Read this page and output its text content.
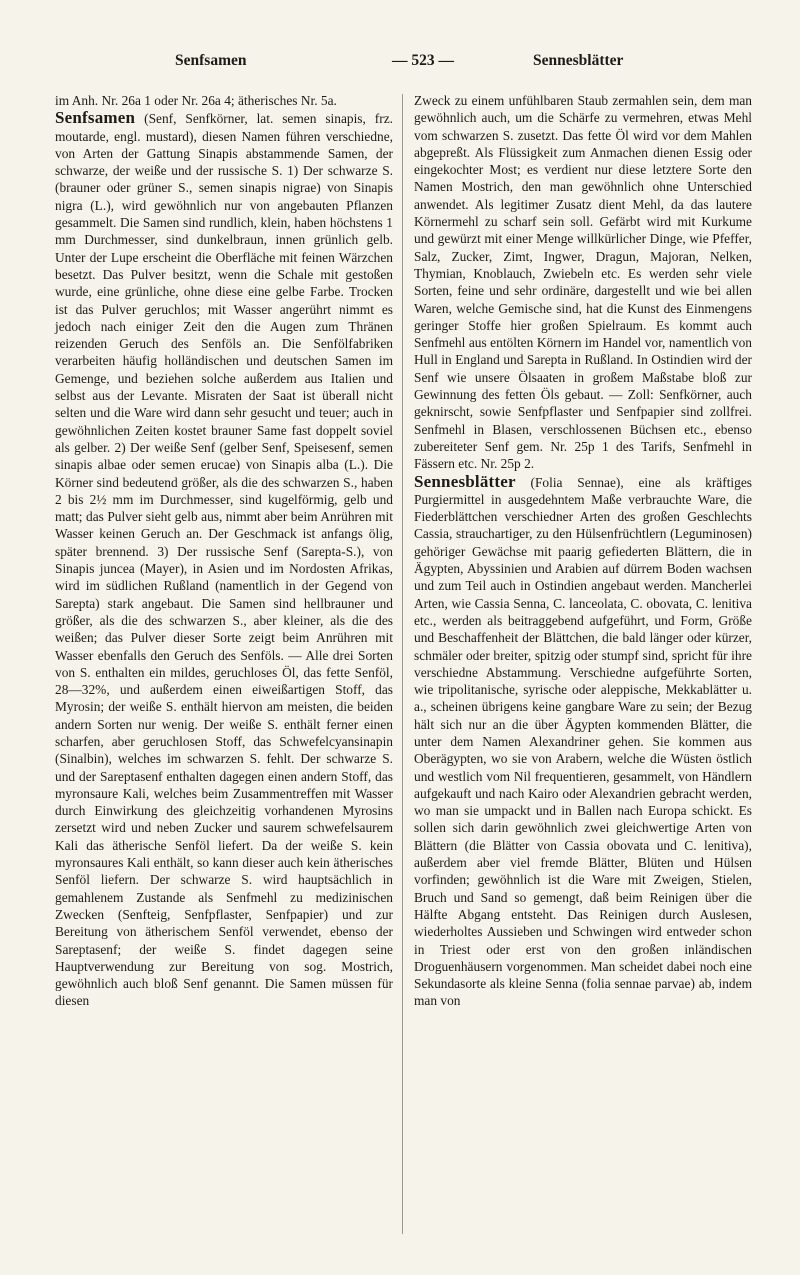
Senfsamen	— 523 —	Sennesblätter

im Anh. Nr. 26a 1 oder Nr. 26a 4; ätherisches Nr. 5a.

Senfsamen (Senf, Senfkörner, lat. semen sinapis, frz. moutarde, engl. mustard), diesen Namen führen verschiedne, von Arten der Gattung Sinapis abstammende Samen, der schwarze, der weiße und der russische S. 1) Der schwarze S. (brauner oder grüner S., semen sinapis nigrae) von Sinapis nigra (L.), wird gewöhnlich nur von angebauten Pflanzen gesammelt. Die Samen sind rundlich, klein, haben höchstens 1 mm Durchmesser, sind dunkelbraun, innen grünlich gelb. Unter der Lupe erscheint die Oberfläche mit feinen Wärzchen besetzt. Das Pulver besitzt, wenn die Schale mit gestoßen wurde, eine grünliche, ohne diese eine gelbe Farbe. Trocken ist das Pulver geruchlos; mit Wasser angerührt nimmt es jedoch nach einiger Zeit den die Augen zum Thränen reizenden Geruch des Senföls an. Die Senfölfabriken verarbeiten häufig holländischen und deutschen Samen im Gemenge, und beziehen solche außerdem aus Italien und selbst aus der Levante. Misraten der Saat ist überall nicht selten und die Ware wird dann sehr gesucht und teuer; auch in gewöhnlichen Zeiten kostet brauner Same fast doppelt soviel als gelber. 2) Der weiße Senf (gelber Senf, Speisesenf, semen sinapis albae oder semen erucae) von Sinapis alba (L.). Die Körner sind bedeutend größer, als die des schwarzen S., haben 2 bis 2½ mm im Durchmesser, sind kugelförmig, gelb und matt; das Pulver sieht gelb aus, nimmt aber beim Anrühren mit Wasser keinen Geruch an. Der Geschmack ist anfangs ölig, später brennend. 3) Der russische Senf (Sarepta-S.), von Sinapis juncea (Mayer), in Asien und im Nordosten Afrikas, wird im südlichen Rußland (namentlich in der Gegend von Sarepta) stark angebaut. Die Samen sind hellbrauner und größer, als die des schwarzen S., aber kleiner, als die des weißen; das Pulver dieser Sorte zeigt beim Anrühren mit Wasser ebenfalls den Geruch des Senföls. — Alle drei Sorten von S. enthalten ein mildes, geruchloses Öl, das fette Senföl, 28—32%, und außerdem einen eiweißartigen Stoff, das Myrosin; der weiße S. enthält hiervon am meisten, die beiden andern Sorten nur wenig. Der weiße S. enthält ferner einen scharfen, aber geruchlosen Stoff, das Schwefelcyansinapin (Sinalbin), welches im schwarzen S. fehlt. Der schwarze S. und der Sareptasenf enthalten dagegen einen andern Stoff, das myronsaure Kali, welches beim Zusammentreffen mit Wasser durch Einwirkung des gleichzeitig vorhandenen Myrosins zersetzt wird und neben Zucker und saurem schwefelsaurem Kali das ätherische Senföl liefert. Da der weiße S. kein myronsaures Kali enthält, so kann dieser auch kein ätherisches Senföl liefern. Der schwarze S. wird hauptsächlich in gemahlenem Zustande als Senfmehl zu medizinischen Zwecken (Senfteig, Senfpflaster, Senfpapier) und zur Bereitung von ätherischem Senföl verwendet, ebenso der Sareptasenf; der weiße S. findet dagegen seine Hauptverwendung zur Bereitung von sog. Mostrich, gewöhnlich auch bloß Senf genannt. Die Samen müssen für diesen

Zweck zu einem unfühlbaren Staub zermahlen sein, dem man gewöhnlich auch, um die Schärfe zu vermehren, etwas Mehl vom schwarzen S. zusetzt. Das fette Öl wird vor dem Mahlen abgepreßt. Als Flüssigkeit zum Anmachen dienen Essig oder eingekochter Most; es verdient nur diese letztere Sorte den Namen Mostrich, den man gewöhnlich ohne Unterschied anwendet. Als legitimer Zusatz dient Mehl, da das lautere Körnermehl zu scharf sein soll. Gefärbt wird mit Kurkume und gewürzt mit einer Menge willkürlicher Dinge, wie Pfeffer, Salz, Zucker, Zimt, Ingwer, Dragun, Majoran, Nelken, Thymian, Knoblauch, Zwiebeln etc. Es werden sehr viele Sorten, feine und sehr ordinäre, dargestellt und wie bei allen Waren, welche Gemische sind, hat die Kunst des Einmengens geringer Stoffe hier großen Spielraum. Es kommt auch Senfmehl aus entölten Körnern im Handel vor, namentlich von Hull in England und Sarepta in Rußland. In Ostindien wird der Senf wie unsere Ölsaaten in großem Maßstabe bloß zur Gewinnung des fetten Öls gebaut. — Zoll: Senfkörner, auch geknirscht, sowie Senfpflaster und Senfpapier sind zollfrei. Senfmehl in Blasen, verschlossenen Büchsen etc., ebenso zubereiteter Senf gem. Nr. 25p 1 des Tarifs, Senfmehl in Fässern etc. Nr. 25p 2.

Sennesblätter (Folia Sennae), eine als kräftiges Purgiermittel in ausgedehntem Maße verbrauchte Ware, die Fiederblättchen verschiedner Arten des großen Geschlechts Cassia, strauchartiger, zu den Hülsenfrüchtlern (Leguminosen) gehöriger Gewächse mit paarig gefiederten Blättern, die in Ägypten, Abyssinien und Arabien auf dürrem Boden wachsen und zum Teil auch in Ostindien angebaut werden. Mancherlei Arten, wie Cassia Senna, C. lanceolata, C. obovata, C. lenitiva etc., werden als beitraggebend aufgeführt, und Form, Größe und Beschaffenheit der Blättchen, die bald länger oder kürzer, schmäler oder breiter, spitzig oder stumpf sind, spricht für ihre verschiedne Abstammung. Verschiedne aufgeführte Sorten, wie tripolitanische, syrische oder aleppische, Mekkablätter u. a., scheinen übrigens keine gangbare Ware zu sein; der Bezug hält sich nur an die über Ägypten kommenden Blätter, die unter dem Namen Alexandriner gehen. Sie kommen aus Oberägypten, wo sie von Arabern, welche die Wüsten östlich und westlich vom Nil frequentieren, gesammelt, von Händlern aufgekauft und nach Kairo oder Alexandrien gebracht werden, wo man sie umpackt und in Ballen nach Europa schickt. Es sollen sich darin gewöhnlich zwei gleichwertige Arten von Blättern (die Blätter von Cassia obovata und C. lenitiva), außerdem aber viel fremde Blätter, Blüten und Hülsen vorfinden; gewöhnlich ist die Ware mit Zweigen, Stielen, Bruch und Sand so gemengt, daß beim Reinigen über die Hälfte Abgang entsteht. Das Reinigen durch Auslesen, wiederholtes Aussieben und Schwingen wird entweder schon in Triest oder erst von den großen inländischen Droguenhäusern vorgenommen. Man scheidet dabei noch eine Sekundasorte als kleine Senna (folia sennae parvae) ab, indem man von
